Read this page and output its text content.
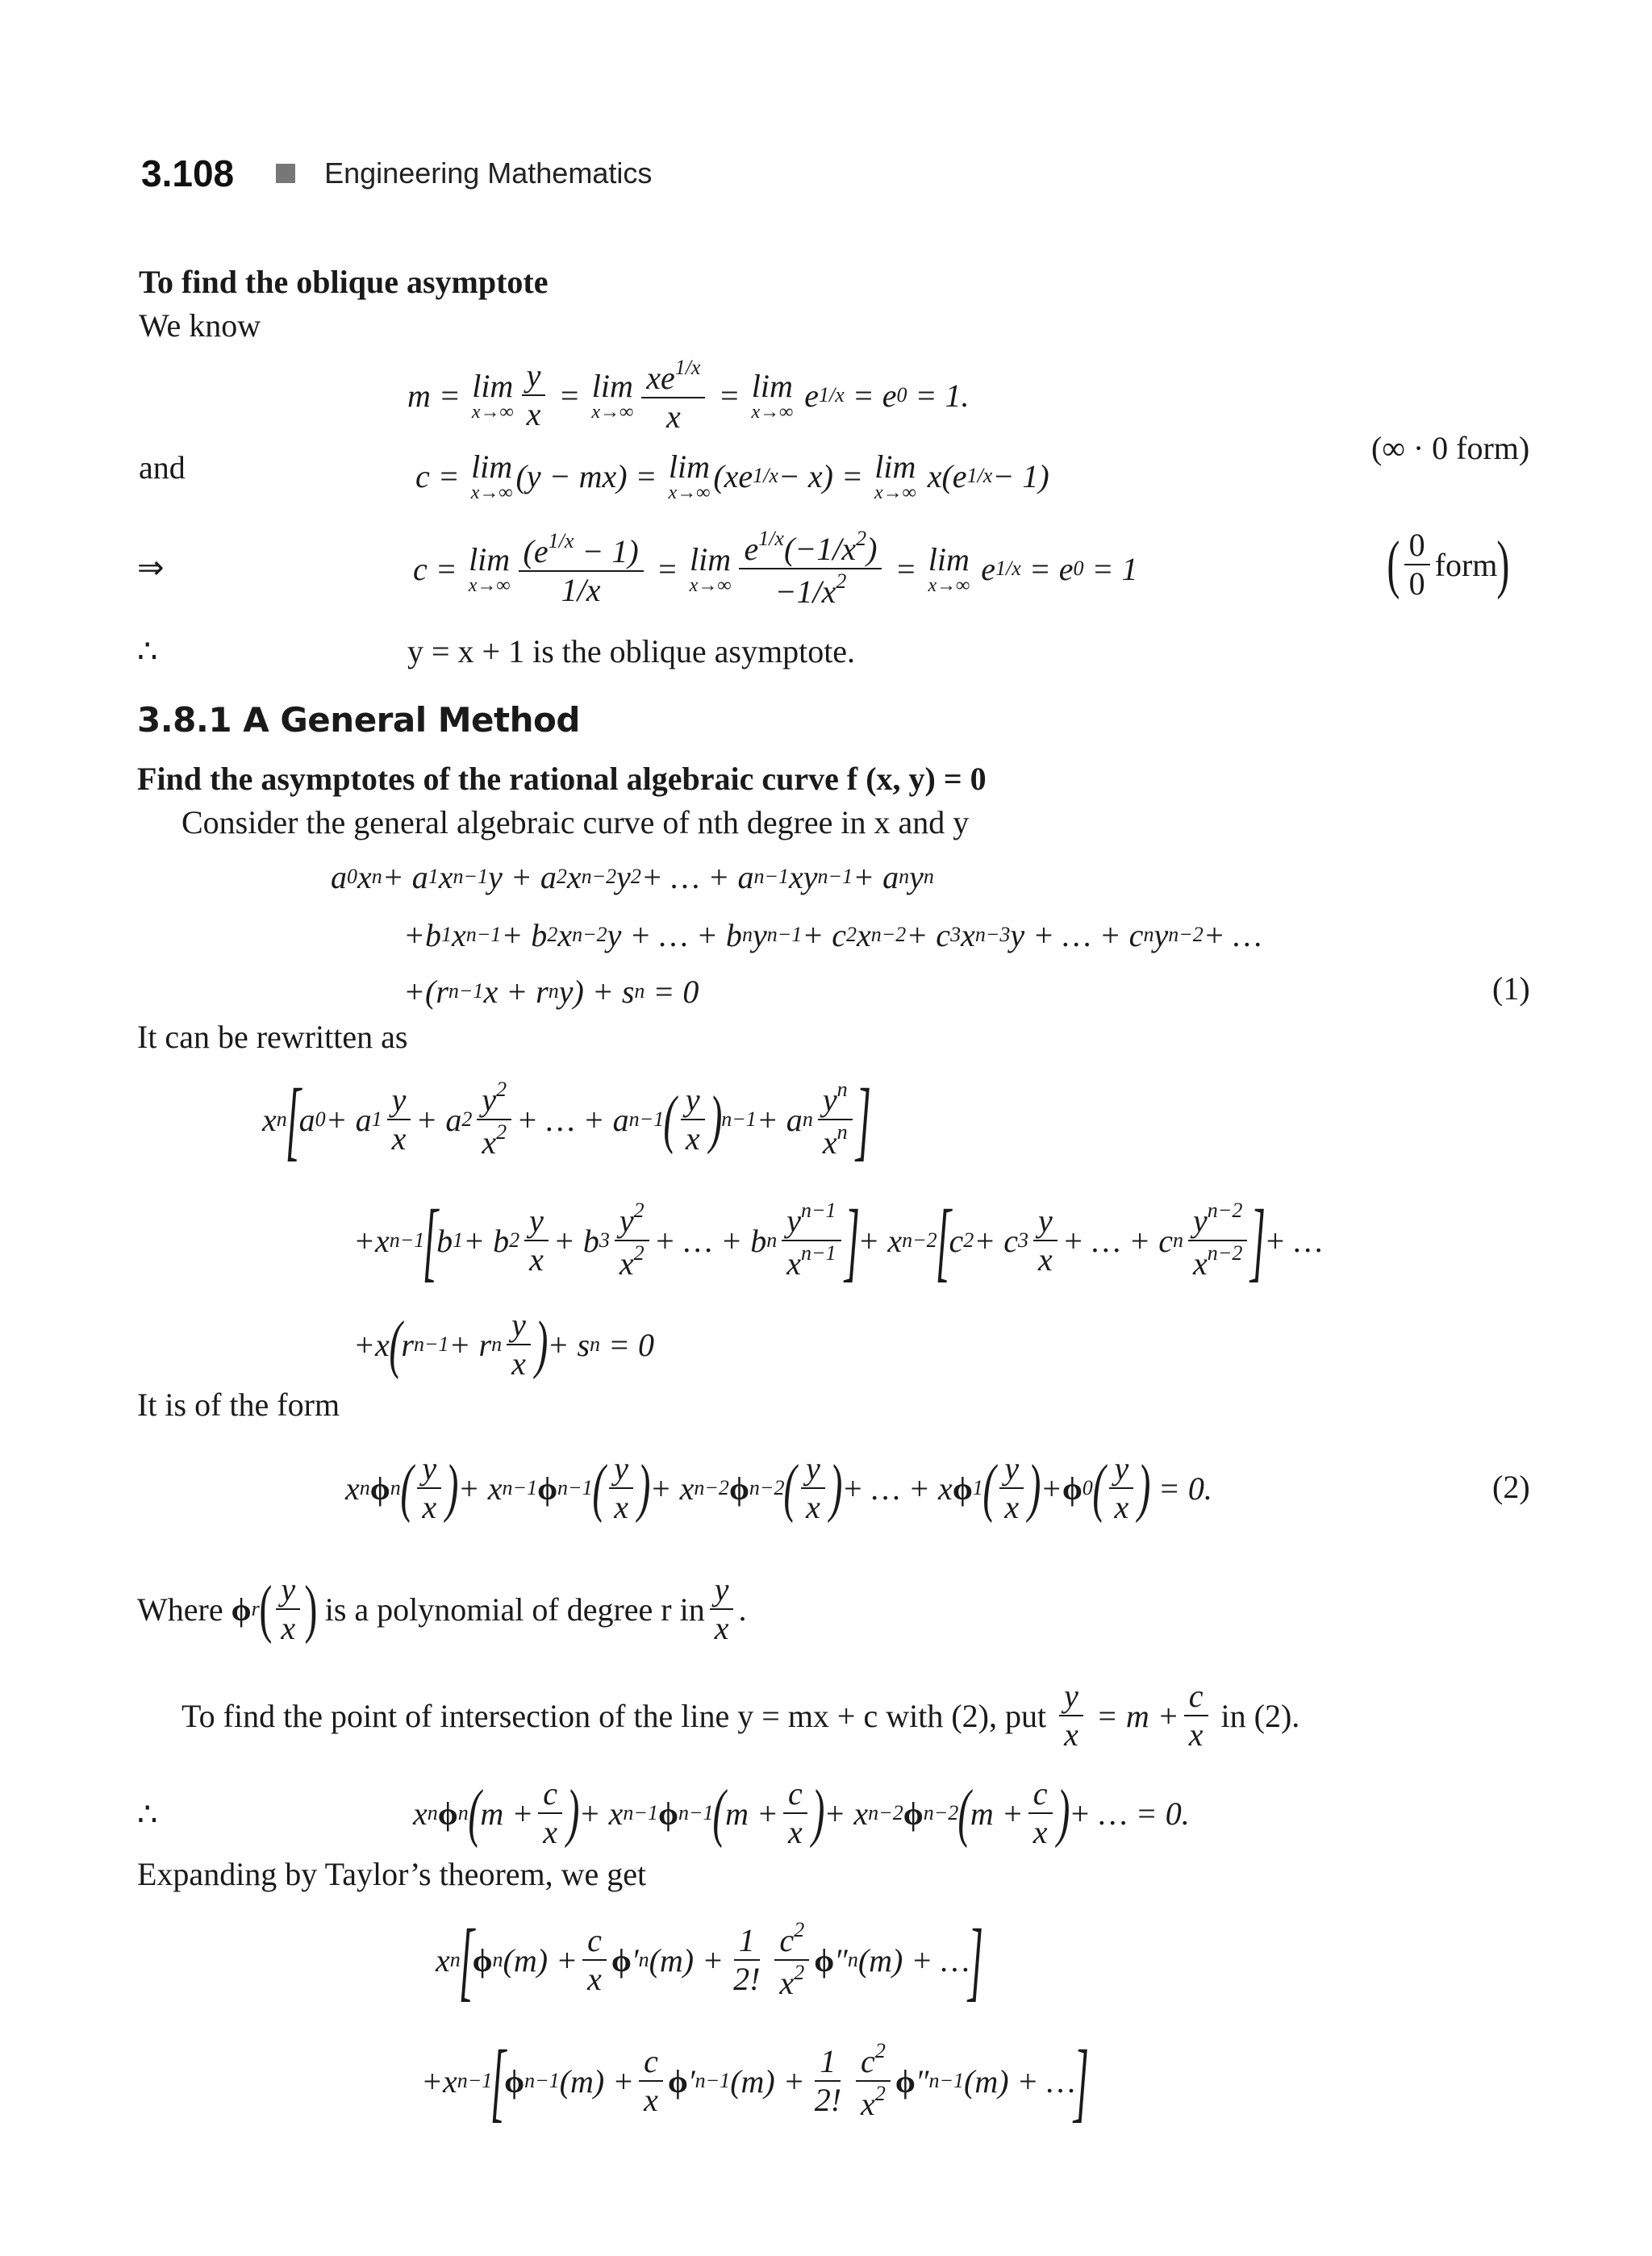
3.108	Engineering Mathematics
To find the oblique asymptote
We know
m = lim
$x\to\infty \frac{y}{x} = \lim$
$x\to\infty \frac{xe^{1/x}}{x} = \lim$
x→∞ e 1/x = e 0 = 1.
and	c = lim
x→∞ (y − mx) = lim
x→∞ (xe 1/x − x) = lim
x→∞ x(e 1/x − 1)
(∞ · 0 form)
⇒	c = lim
$x\to\infty \frac{(e^{1/x} - 1)}{1/x} = \lim$
$x\to\infty \frac{e^{1/x}(-1/x^2)}{-1/x^2} = \lim$
x→∞ e 1/x = e 0 = 1	( $\frac{0}{0}$ form )
∴	y = x + 1 is the oblique asymptote.
3.8.1 A General Method
Find the asymptotes of the rational algebraic curve f (x, y) = 0
Consider the general algebraic curve of nth degree in x and y
a 0 x n + a 1 x n−1 y + a 2 x n−2 y 2 + … + a n−1 xy n−1 + a n y n
+b 1 x n−1 + b 2 x n−2 y + … + b n y n−1 + c 2 x n−2 + c 3 x n−3 y + … + c n y n−2 + …
+(r n−1 x + r n y) + s n = 0	(1)
It can be rewritten as
x n
[
a 0 + a $1 \frac{y}{x} + a$ $2 \frac{y^2}{x^2}$ + … + a n−1 ( $\frac{y}{x}$ ) n−1 + a n $\frac{y^n}{x^n}$ ]
+x n−1
[
b 1 + b $2 \frac{y}{x} + b$ $3 \frac{y^2}{x^2}$ + … + b n $\frac{y^{n-1}}{x^{n-1}}$ ]
+ x n−2
[
c 2 + c $3 \frac{y}{x}$ + … + c n $\frac{y^{n-2}}{x^{n-2}}$ ]
+ …
+x ( r n−1 + r n $\frac{y}{x}$ ) + s n = 0
It is of the form
x n ϕ n ( $\frac{y}{x}$ ) + x n−1 ϕ n−1 ( $\frac{y}{x}$ ) + x n−2 ϕ n−2 ( $\frac{y}{x}$ ) + … + x ϕ 1 ( $\frac{y}{x}$ ) + ϕ 0 ( $\frac{y}{x}$ ) = 0.	(2)
Where
ϕ r ( $\frac{y}{x}$ )
is a polynomial of degree r in $\frac{y}{x}$ .
To find the point of intersection of the line y = mx + c with (2), put
$\frac{y}{x} = m + \frac{c}{x}$
in (2).
∴	x n ϕ n ( $m + \frac{c}{x}$ ) + x n−1 ϕ n−1 ( $m + \frac{c}{x}$ ) + x n−2 ϕ n−2 ( $m + \frac{c}{x}$ ) + … = 0.
Expanding by Taylor’s theorem, we get
x n
[
ϕ n $(m) + \frac{c}{x}$ ϕ ′ n $(m) + \frac{1}{2!} \frac{c^2}{x^2}$ ϕ ″ n (m) + …
]
+x n−1
[
ϕ n−1 $(m) + \frac{c}{x}$ ϕ ′ n−1 $(m) + \frac{1}{2!} \frac{c^2}{x^2}$ ϕ ″ n−1 (m) + …
]
